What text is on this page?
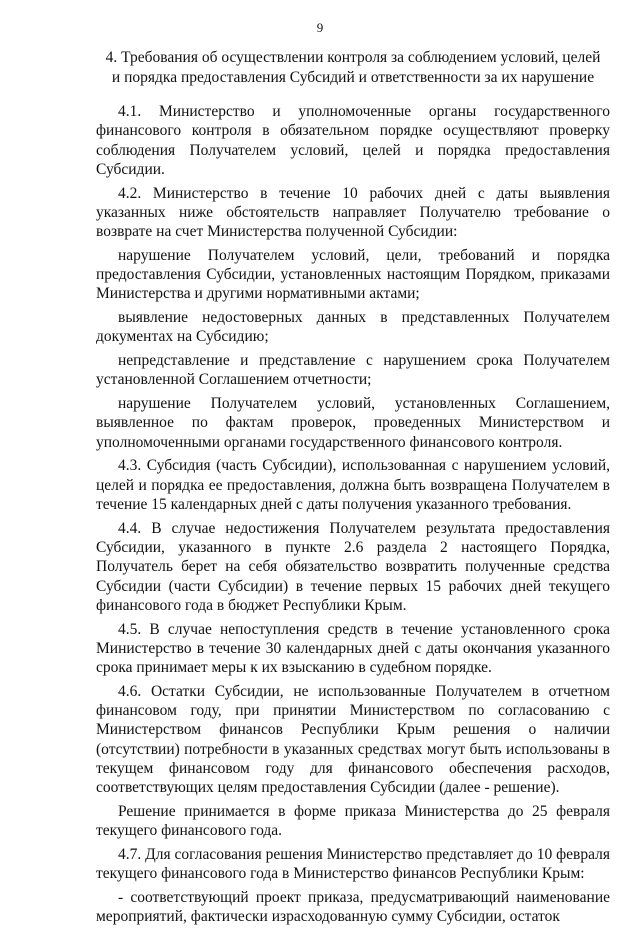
9
4. Требования об осуществлении контроля за соблюдением условий, целей
и порядка предоставления Субсидий и ответственности за их нарушение

4.1. Министерство и уполномоченные органы государственного финансового контроля в обязательном порядке осуществляют проверку соблюдения Получателем условий, целей и порядка предоставления Субсидии.

4.2. Министерство в течение 10 рабочих дней с даты выявления указанных ниже обстоятельств направляет Получателю требование о возврате на счет Министерства полученной Субсидии:

нарушение Получателем условий, цели, требований и порядка предоставления Субсидии, установленных настоящим Порядком, приказами Министерства и другими нормативными актами;

выявление недостоверных данных в представленных Получателем документах на Субсидию;

непредставление и представление с нарушением срока Получателем установленной Соглашением отчетности;

нарушение Получателем условий, установленных Соглашением, выявленное по фактам проверок, проведенных Министерством и уполномоченными органами государственного финансового контроля.

4.3. Субсидия (часть Субсидии), использованная с нарушением условий, целей и порядка ее предоставления, должна быть возвращена Получателем в течение 15 календарных дней с даты получения указанного требования.

4.4. В случае недостижения Получателем результата предоставления Субсидии, указанного в пункте 2.6 раздела 2 настоящего Порядка, Получатель берет на себя обязательство возвратить полученные средства Субсидии (части Субсидии) в течение первых 15 рабочих дней текущего финансового года в бюджет Республики Крым.

4.5. В случае непоступления средств в течение установленного срока Министерство в течение 30 календарных дней с даты окончания указанного срока принимает меры к их взысканию в судебном порядке.

4.6. Остатки Субсидии, не использованные Получателем в отчетном финансовом году, при принятии Министерством по согласованию с Министерством финансов Республики Крым решения о наличии (отсутствии) потребности в указанных средствах могут быть использованы в текущем финансовом году для финансового обеспечения расходов, соответствующих целям предоставления Субсидии (далее - решение).

Решение принимается в форме приказа Министерства до 25 февраля текущего финансового года.

4.7. Для согласования решения Министерство представляет до 10 февраля текущего финансового года в Министерство финансов Республики Крым:

- соответствующий проект приказа, предусматривающий наименование мероприятий, фактически израсходованную сумму Субсидии, остаток
